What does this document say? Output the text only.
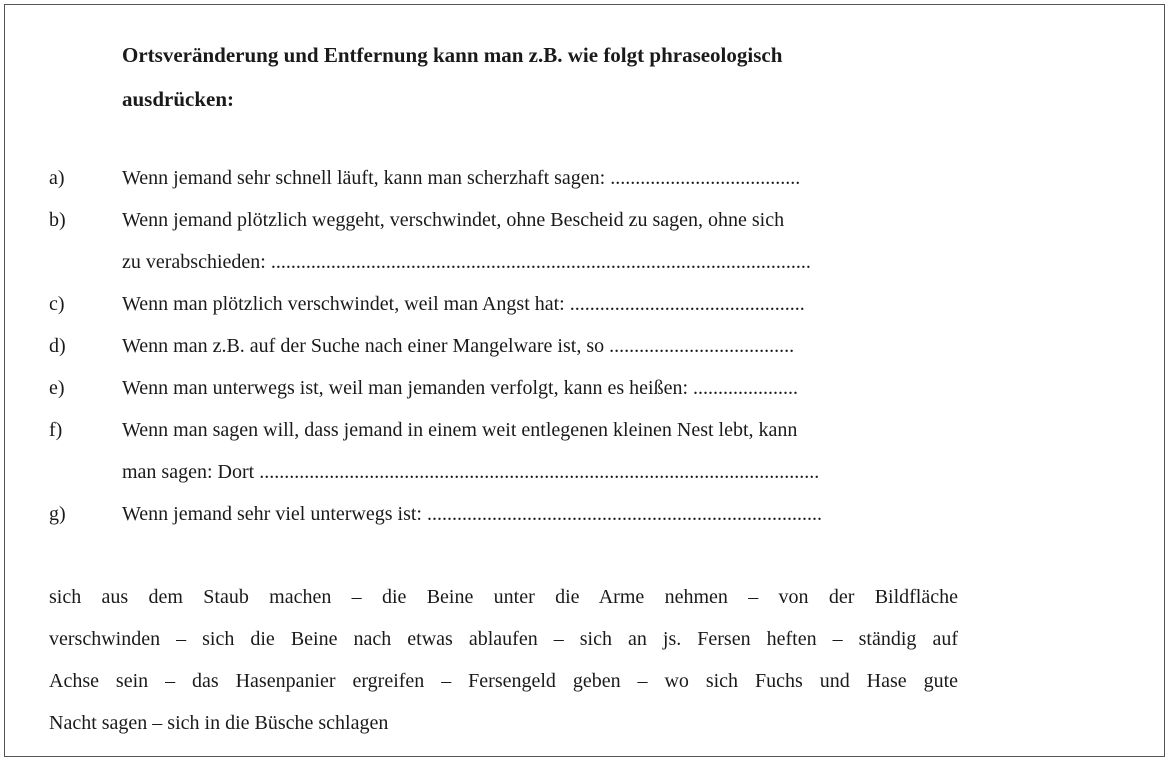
Ortsveränderung und Entfernung kann man z.B. wie folgt phraseologisch
ausdrücken:
a)	Wenn jemand sehr schnell läuft, kann man scherzhaft sagen: ......................................
b)	Wenn jemand plötzlich weggeht, verschwindet, ohne Bescheid zu sagen, ohne sich
zu verabschieden: ............................................................................................................
c)	Wenn man plötzlich verschwindet, weil man Angst hat: ...............................................
d)	Wenn man z.B. auf der Suche nach einer Mangelware ist, so .....................................
e)	Wenn man unterwegs ist, weil man jemanden verfolgt, kann es heißen: .....................
f)	Wenn man sagen will, dass jemand in einem weit entlegenen kleinen Nest lebt, kann
man sagen: Dort ................................................................................................................
g)	Wenn jemand sehr viel unterwegs ist: ...............................................................................
sich aus dem Staub machen – die Beine unter die Arme nehmen – von der Bildfläche
verschwinden – sich die Beine nach etwas ablaufen – sich an js. Fersen heften – ständig auf
Achse sein – das Hasenpanier ergreifen – Fersengeld geben – wo sich Fuchs und Hase gute
Nacht sagen – sich in die Büsche schlagen
